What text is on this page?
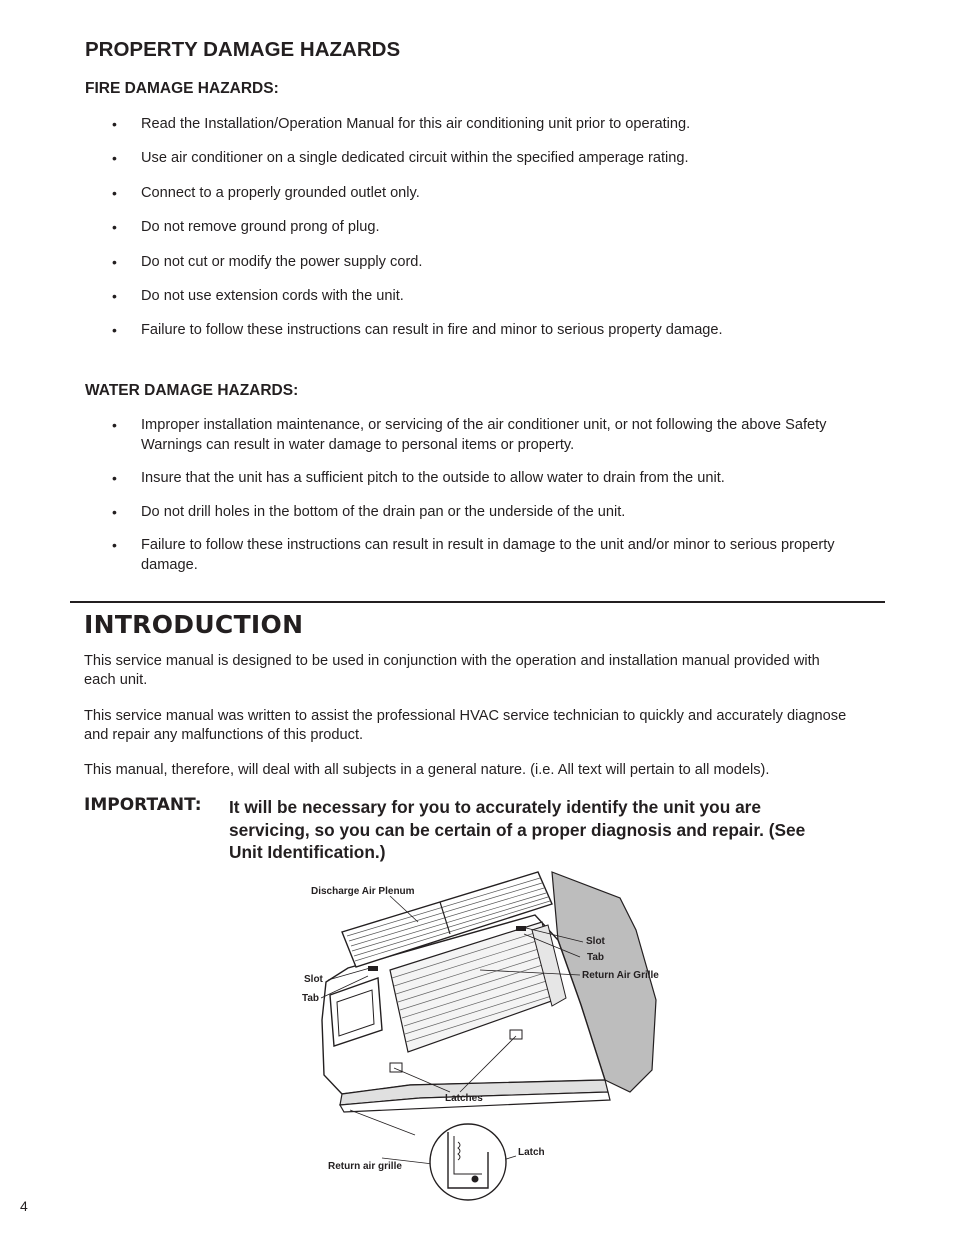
PROPERTY DAMAGE HAZARDS
FIRE DAMAGE HAZARDS:
• Read the Installation/Operation Manual for this air conditioning unit prior to operating.
• Use air conditioner on a single dedicated circuit within the specified amperage rating.
• Connect to a properly grounded outlet only.
• Do not remove ground prong of plug.
• Do not cut or modify the power supply cord.
• Do not use extension cords with the unit.
• Failure to follow these instructions can result in fire and minor to serious property damage.
WATER DAMAGE HAZARDS:
• Improper installation maintenance, or servicing of the air conditioner unit, or not following the above Safety Warnings can result in water damage to personal items or property.
• Insure that the unit has a sufficient pitch to the outside to allow water to drain from the unit.
• Do not drill holes in the bottom of the drain pan or the underside of the unit.
• Failure to follow these instructions can result in result in damage to the unit and/or minor to serious property damage.
INTRODUCTION

This service manual is designed to be used in conjunction with the operation and installation manual provided with each unit.

This service manual was written to assist the professional HVAC service technician to quickly and accurately diagnose and repair any malfunctions of this product.

This manual, therefore, will deal with all subjects in a general nature. (i.e. All text will pertain to all models).

IMPORTANT: It will be necessary for you to accurately identify the unit you are servicing, so you can be certain of a proper diagnosis and repair. (See Unit Identification.)

Discharge Air Plenum
Slot
Tab
Return Air Grille
Slot
Tab
Latches
Latch
Return air grille
4
